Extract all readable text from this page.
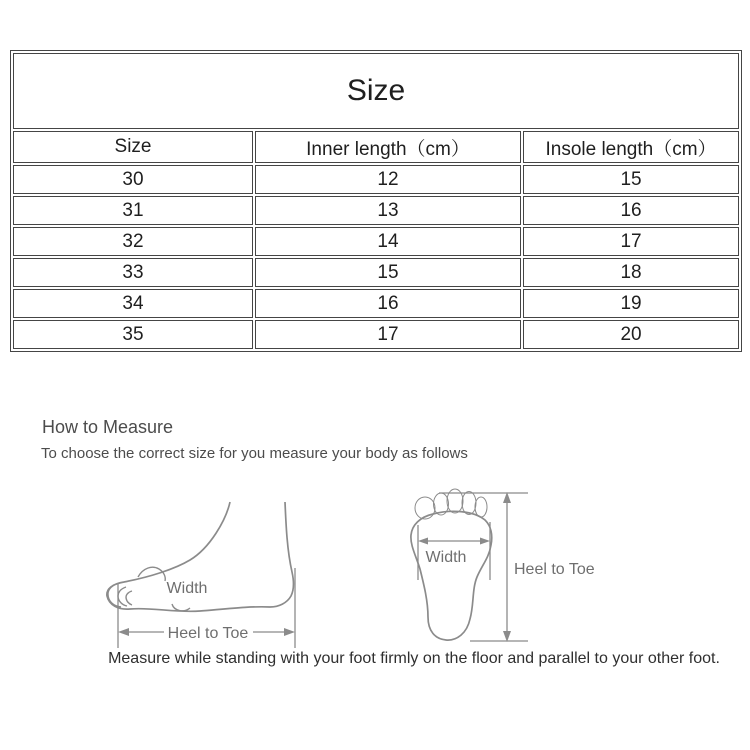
Size		
Size	Inner length（cm）	Insole length（cm）
30	12	15
31	13	16
32	14	17
33	15	18
34	16	19
35	17	20
How to Measure
To choose the correct size for you measure your body as follows
Width
Heel to Toe
Width
Heel to Toe
Measure while standing with your foot firmly on the floor and parallel to your other foot.
